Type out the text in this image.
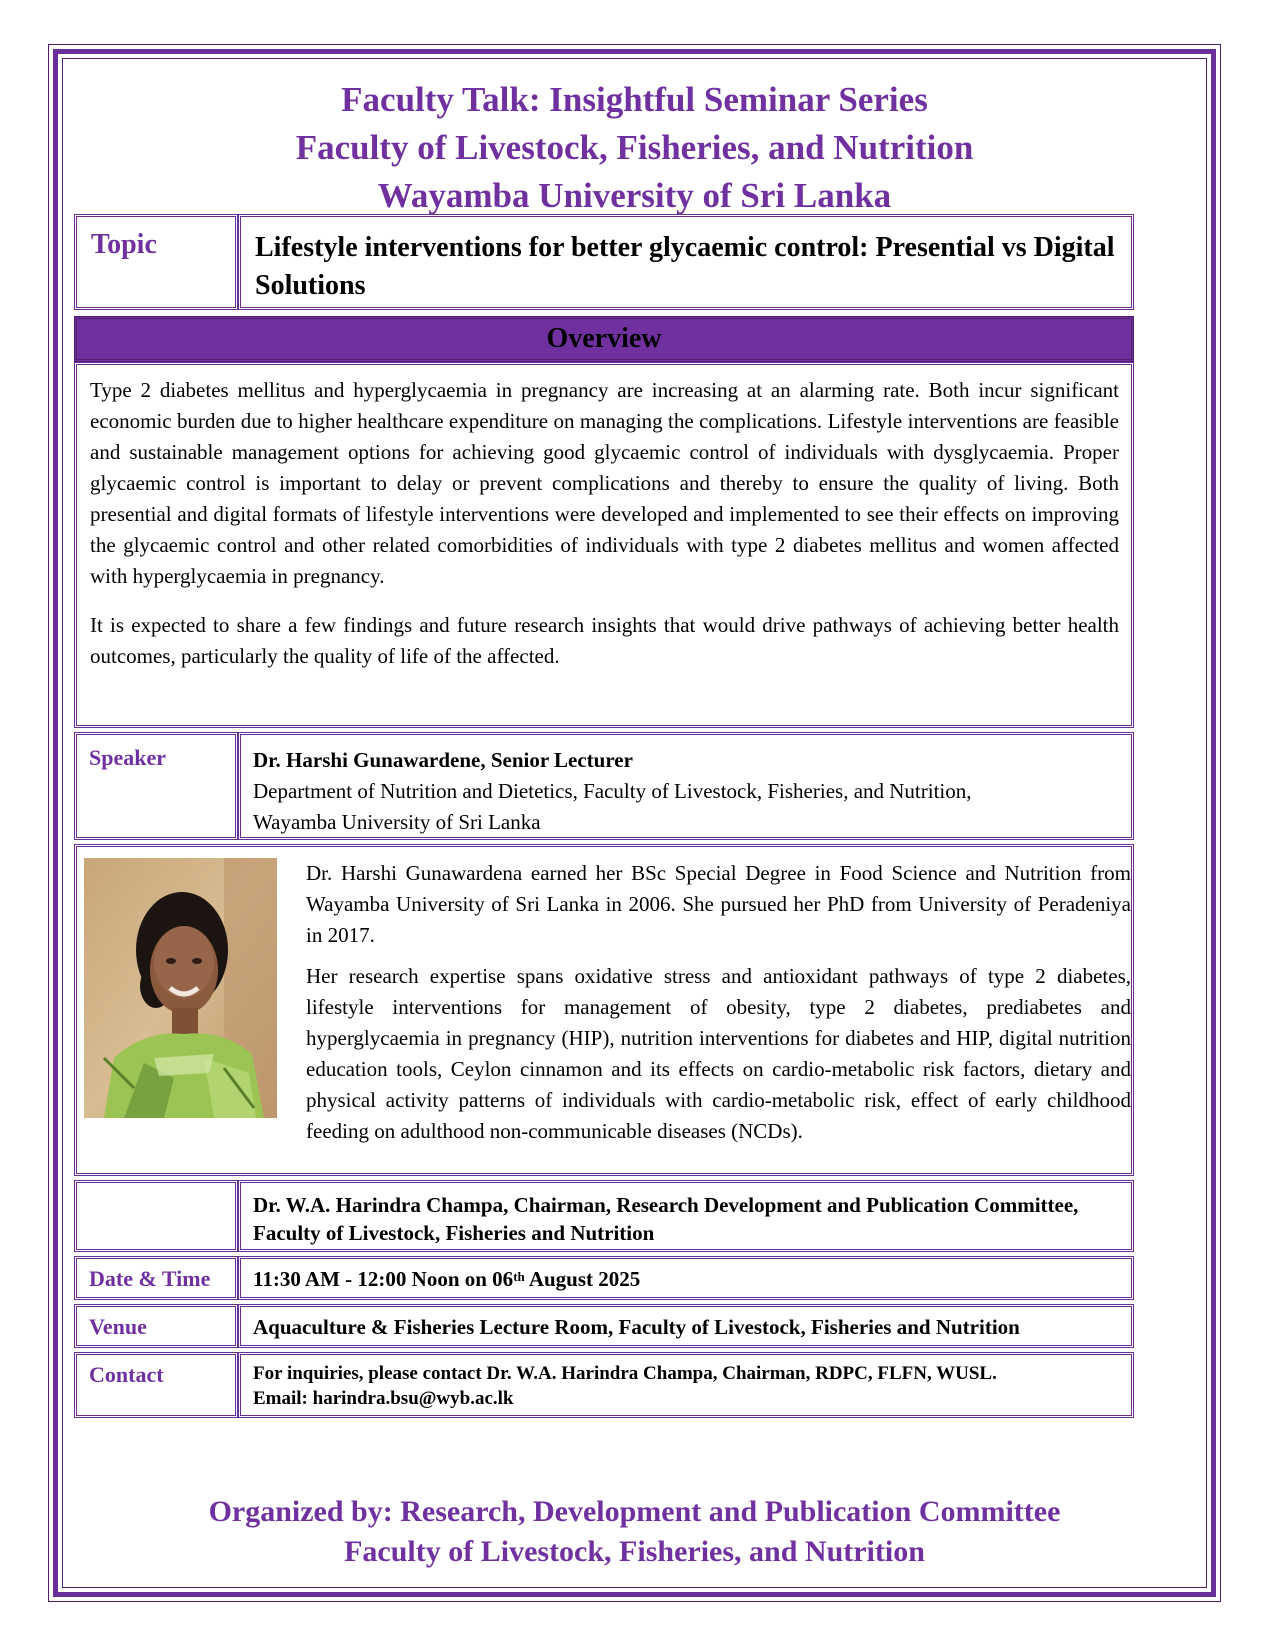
Faculty Talk: Insightful Seminar Series
Faculty of Livestock, Fisheries, and Nutrition
Wayamba University of Sri Lanka
Topic	Lifestyle interventions for better glycaemic control: Presential vs Digital Solutions
Overview

Type 2 diabetes mellitus and hyperglycaemia in pregnancy are increasing at an alarming rate. Both incur significant economic burden due to higher healthcare expenditure on managing the complications. Lifestyle interventions are feasible and sustainable management options for achieving good glycaemic control of individuals with dysglycaemia. Proper glycaemic control is important to delay or prevent complications and thereby to ensure the quality of living. Both presential and digital formats of lifestyle interventions were developed and implemented to see their effects on improving the glycaemic control and other related comorbidities of individuals with type 2 diabetes mellitus and women affected with hyperglycaemia in pregnancy.

It is expected to share a few findings and future research insights that would drive pathways of achieving better health outcomes, particularly the quality of life of the affected.

Speaker	Dr. Harshi Gunawardene, Senior Lecturer
Department of Nutrition and Dietetics, Faculty of Livestock, Fisheries, and Nutrition,
Wayamba University of Sri Lanka

Dr. Harshi Gunawardena earned her BSc Special Degree in Food Science and Nutrition from Wayamba University of Sri Lanka in 2006. She pursued her PhD from University of Peradeniya in 2017.

Her research expertise spans oxidative stress and antioxidant pathways of type 2 diabetes, lifestyle interventions for management of obesity, type 2 diabetes, prediabetes and hyperglycaemia in pregnancy (HIP), nutrition interventions for diabetes and HIP, digital nutrition education tools, Ceylon cinnamon and its effects on cardio-metabolic risk factors, dietary and physical activity patterns of individuals with cardio-metabolic risk, effect of early childhood feeding on adulthood non-communicable diseases (NCDs).

Dr. W.A. Harindra Champa, Chairman, Research Development and Publication Committee, Faculty of Livestock, Fisheries and Nutrition
Date & Time	11:30 AM - 12:00 Noon on 06th August 2025
Venue	Aquaculture & Fisheries Lecture Room, Faculty of Livestock, Fisheries and Nutrition
Contact	For inquiries, please contact Dr. W.A. Harindra Champa, Chairman, RDPC, FLFN, WUSL.
Email: harindra.bsu@wyb.ac.lk
Organized by: Research, Development and Publication Committee
Faculty of Livestock, Fisheries, and Nutrition
